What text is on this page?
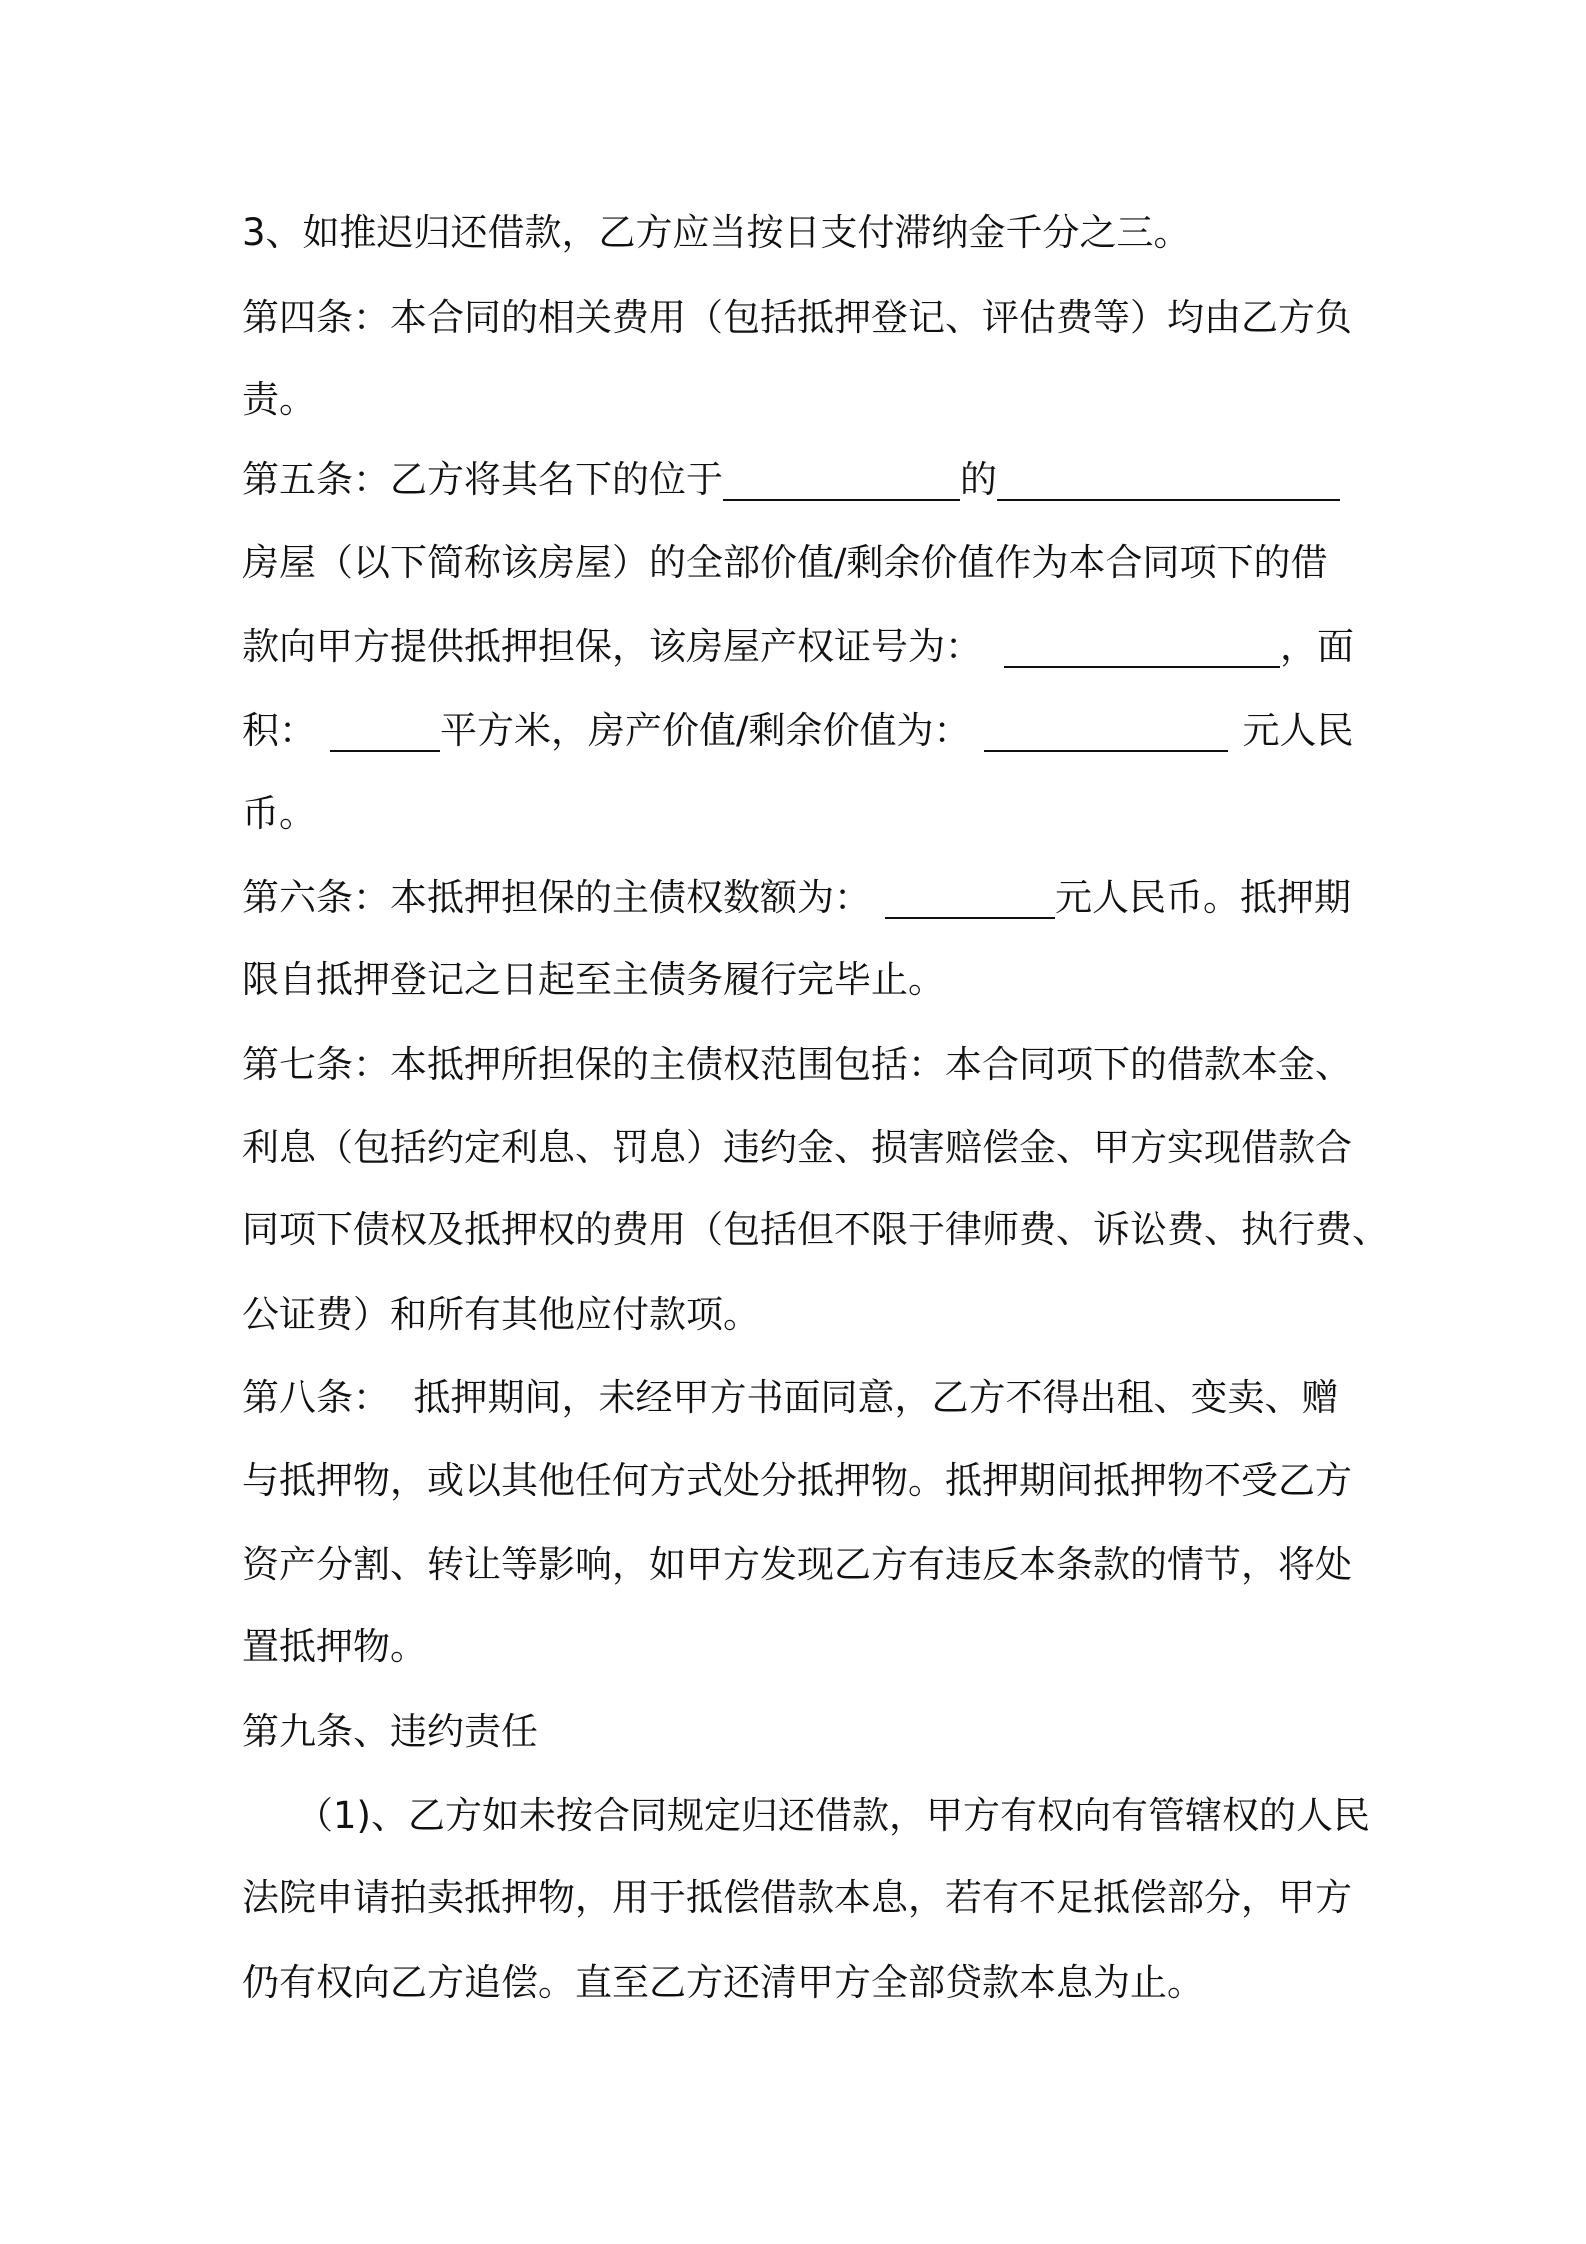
3、如推迟归还借款，乙方应当按日支付滞纳金千分之三。
第四条：本合同的相关费用（包括抵押登记、评估费等）均由乙方负
责。
第五条：乙方将其名下的位于	的
房屋（以下简称该房屋）的全部价值/剩余价值作为本合同项下的借
款向甲方提供抵押担保，该房屋产权证号为：	，面
积：	平方米，房产价值/剩余价值为：	元人民
币。
第六条：本抵押担保的主债权数额为：	元人民币。抵押期
限自抵押登记之日起至主债务履行完毕止。
第七条：本抵押所担保的主债权范围包括：本合同项下的借款本金、
利息（包括约定利息、罚息）违约金、损害赔偿金、甲方实现借款合
同项下债权及抵押权的费用（包括但不限于律师费、诉讼费、执行费、
公证费）和所有其他应付款项。
第八条：  抵押期间，未经甲方书面同意，乙方不得出租、变卖、赠
与抵押物，或以其他任何方式处分抵押物。抵押期间抵押物不受乙方
资产分割、转让等影响，如甲方发现乙方有违反本条款的情节，将处
置抵押物。
第九条、违约责任
（1)、乙方如未按合同规定归还借款，甲方有权向有管辖权的人民
法院申请拍卖抵押物，用于抵偿借款本息，若有不足抵偿部分，甲方
仍有权向乙方追偿。直至乙方还清甲方全部贷款本息为止。
